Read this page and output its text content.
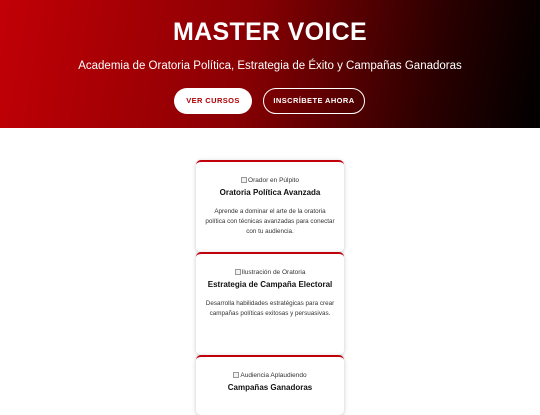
MASTER VOICE
Academia de Oratoria Política, Estrategia de Éxito y Campañas Ganadoras
VER CURSOS	INSCRÍBETE AHORA
Orador en Púlpito
Oratoria Política Avanzada
Aprende a dominar el arte de la oratoria política con técnicas avanzadas para conectar con tu audiencia.
Ilustración de Oratoria
Estrategia de Campaña Electoral
Desarrolla habilidades estratégicas para crear campañas políticas exitosas y persuasivas.
Audiencia Aplaudiendo
Campañas Ganadoras
